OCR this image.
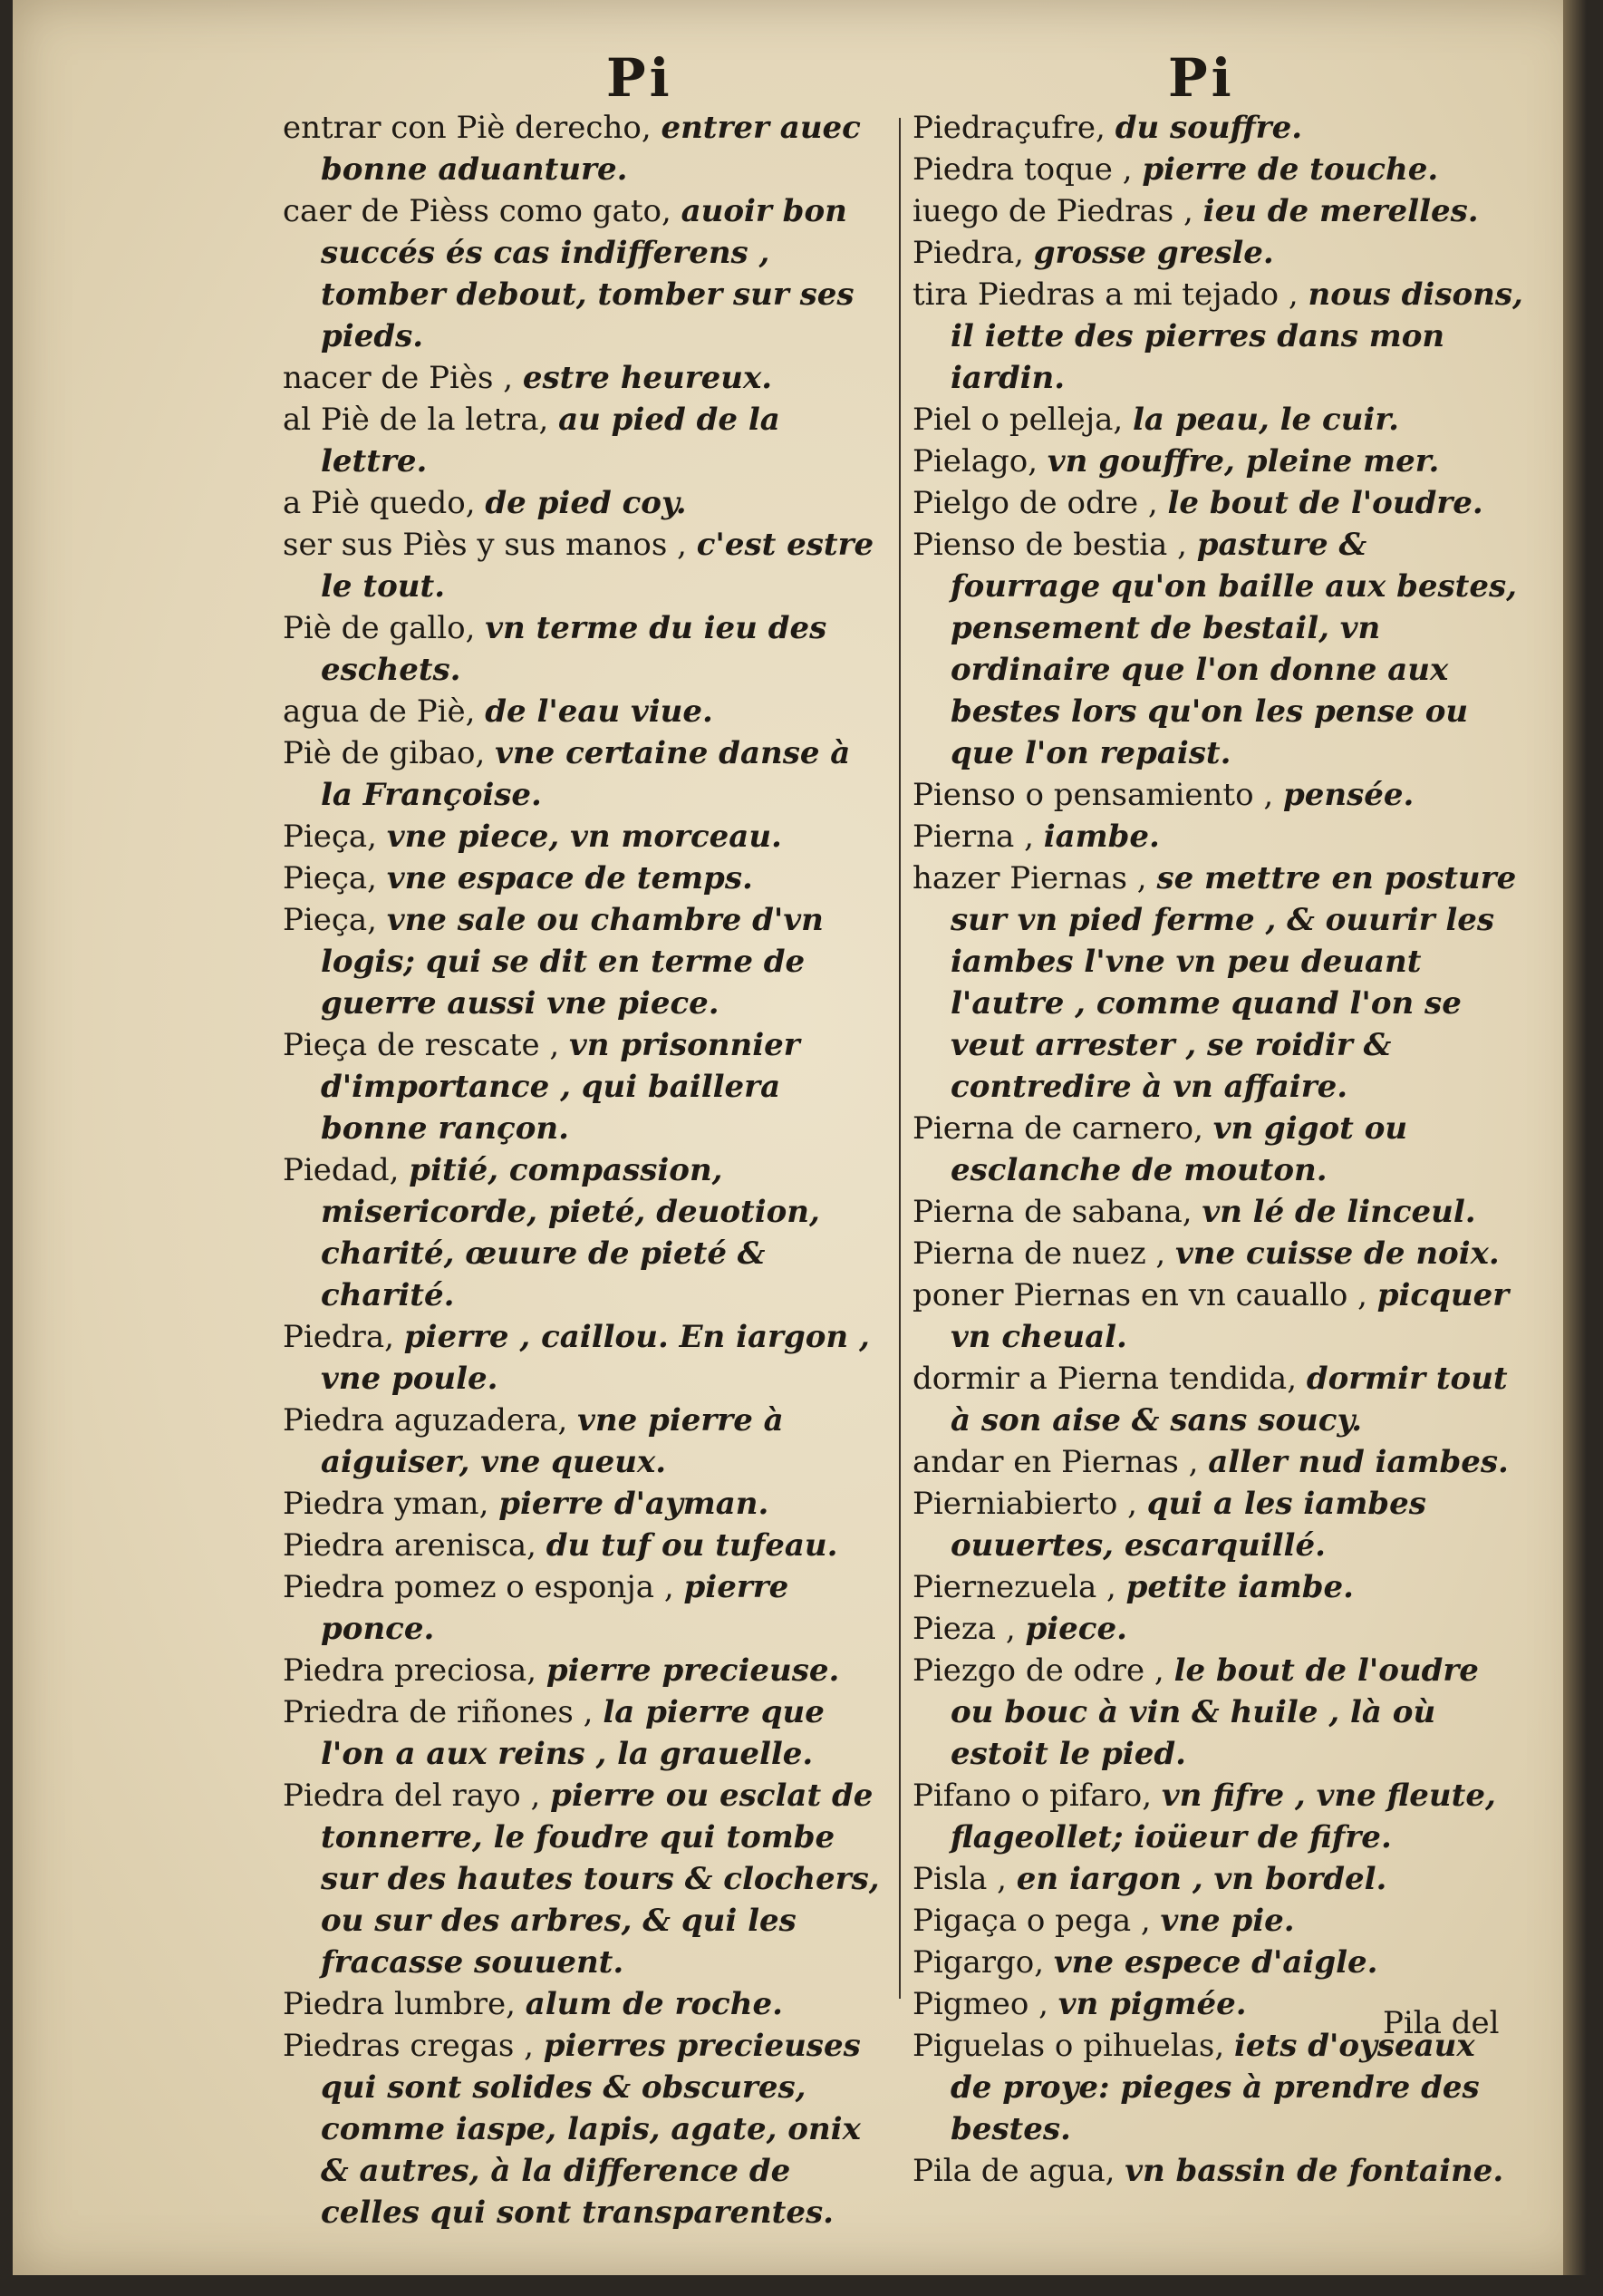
Pi	Pi

entrar con Piè derecho, entrer auec bonne aduanture.

caer de Pièss como gato, auoir bon succés és cas indifferens , tomber debout, tomber sur ses pieds.

nacer de Piès , estre heureux.

al Piè de la letra, au pied de la lettre.

a Piè quedo, de pied coy.

ser sus Piès y sus manos , c'est estre le tout.

Piè de gallo, vn terme du ieu des eschets.

agua de Piè, de l'eau viue.

Piè de gibao, vne certaine danse à la Françoise.

Pieça, vne piece, vn morceau.

Pieça, vne espace de temps.

Pieça, vne sale ou chambre d'vn logis; qui se dit en terme de guerre aussi vne piece.

Pieça de rescate , vn prisonnier d'importance , qui baillera bonne rançon.

Piedad, pitié, compassion, misericorde, pieté, deuotion, charité, œuure de pieté & charité.

Piedra, pierre , caillou. En iargon , vne poule.

Piedra aguzadera, vne pierre à aiguiser, vne queux.

Piedra yman, pierre d'ayman.

Piedra arenisca, du tuf ou tufeau.

Piedra pomez o esponja , pierre ponce.

Piedra preciosa, pierre precieuse.

Priedra de riñones , la pierre que l'on a aux reins , la grauelle.

Piedra del rayo , pierre ou esclat de tonnerre, le foudre qui tombe sur des hautes tours & clochers, ou sur des arbres, & qui les fracasse souuent.

Piedra lumbre, alum de roche.

Piedras cregas , pierres precieuses qui sont solides & obscures, comme iaspe, lapis, agate, onix & autres, à la difference de celles qui sont transparentes.

Piedraçufre, du souffre.

Piedra toque , pierre de touche.

iuego de Piedras , ieu de merelles.

Piedra, grosse gresle.

tira Piedras a mi tejado , nous disons, il iette des pierres dans mon iardin.

Piel o pelleja, la peau, le cuir.

Pielago, vn gouffre, pleine mer.

Pielgo de odre , le bout de l'oudre.

Pienso de bestia , pasture & fourrage qu'on baille aux bestes, pensement de bestail, vn ordinaire que l'on donne aux bestes lors qu'on les pense ou que l'on repaist.

Pienso o pensamiento , pensée.

Pierna , iambe.

hazer Piernas , se mettre en posture sur vn pied ferme , & ouurir les iambes l'vne vn peu deuant l'autre , comme quand l'on se veut arrester , se roidir & contredire à vn affaire.

Pierna de carnero, vn gigot ou esclanche de mouton.

Pierna de sabana, vn lé de linceul.

Pierna de nuez , vne cuisse de noix.

poner Piernas en vn cauallo , picquer vn cheual.

dormir a Pierna tendida, dormir tout à son aise & sans soucy.

andar en Piernas , aller nud iambes.

Pierniabierto , qui a les iambes ouuertes, escarquillé.

Piernezuela , petite iambe.

Pieza , piece.

Piezgo de odre , le bout de l'oudre ou bouc à vin & huile , là où estoit le pied.

Pifano o pifaro, vn fifre , vne fleute, flageollet; ioüeur de fifre.

Pisla , en iargon , vn bordel.

Pigaça o pega , vne pie.

Pigargo, vne espece d'aigle.

Pigmeo , vn pigmée.

Piguelas o pihuelas, iets d'oyseaux de proye: pieges à prendre des bestes.

Pila de agua, vn bassin de fontaine.

Pila del
